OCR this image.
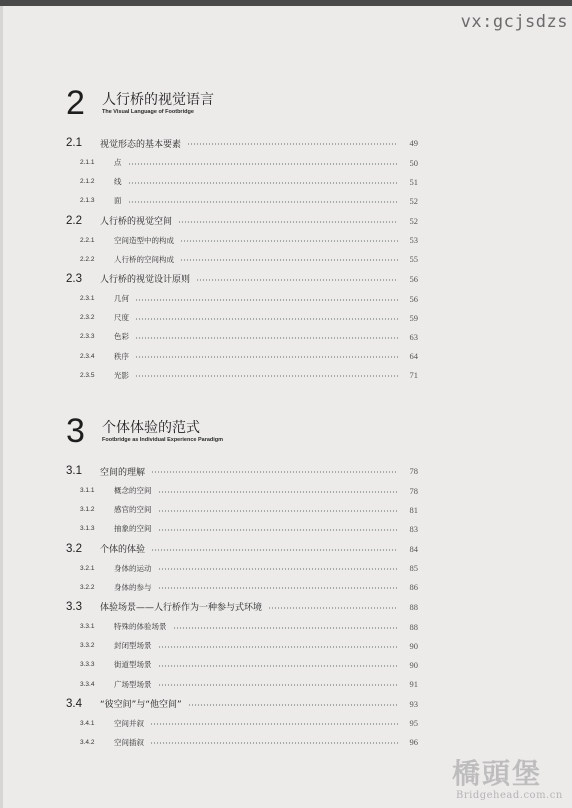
vx:gcjsdzs
2 人行桥的视觉语言
The Visual Language of Footbridge
2.1	视觉形态的基本要素	49
2.1.1	点	50
2.1.2	线	51
2.1.3	面	52
2.2	人行桥的视觉空间	52
2.2.1	空间造型中的构成	53
2.2.2	人行桥的空间构成	55
2.3	人行桥的视觉设计原则	56
2.3.1	几何	56
2.3.2	尺度	59
2.3.3	色彩	63
2.3.4	秩序	64
2.3.5	光影	71
3 个体体验的范式
Footbridge as Individual Experience Paradigm
3.1	空间的理解	78
3.1.1	概念的空间	78
3.1.2	感官的空间	81
3.1.3	抽象的空间	83
3.2	个体的体验	84
3.2.1	身体的运动	85
3.2.2	身体的参与	86
3.3	体验场景——人行桥作为一种参与式环境	88
3.3.1	特殊的体验场景	88
3.3.2	封闭型场景	90
3.3.3	街道型场景	90
3.3.4	广场型场景	91
3.4	“彼空间”与“他空间”	93
3.4.1	空间并叙	95
3.4.2	空间插叙	96
橋頭堡
Bridgehead.com.cn
